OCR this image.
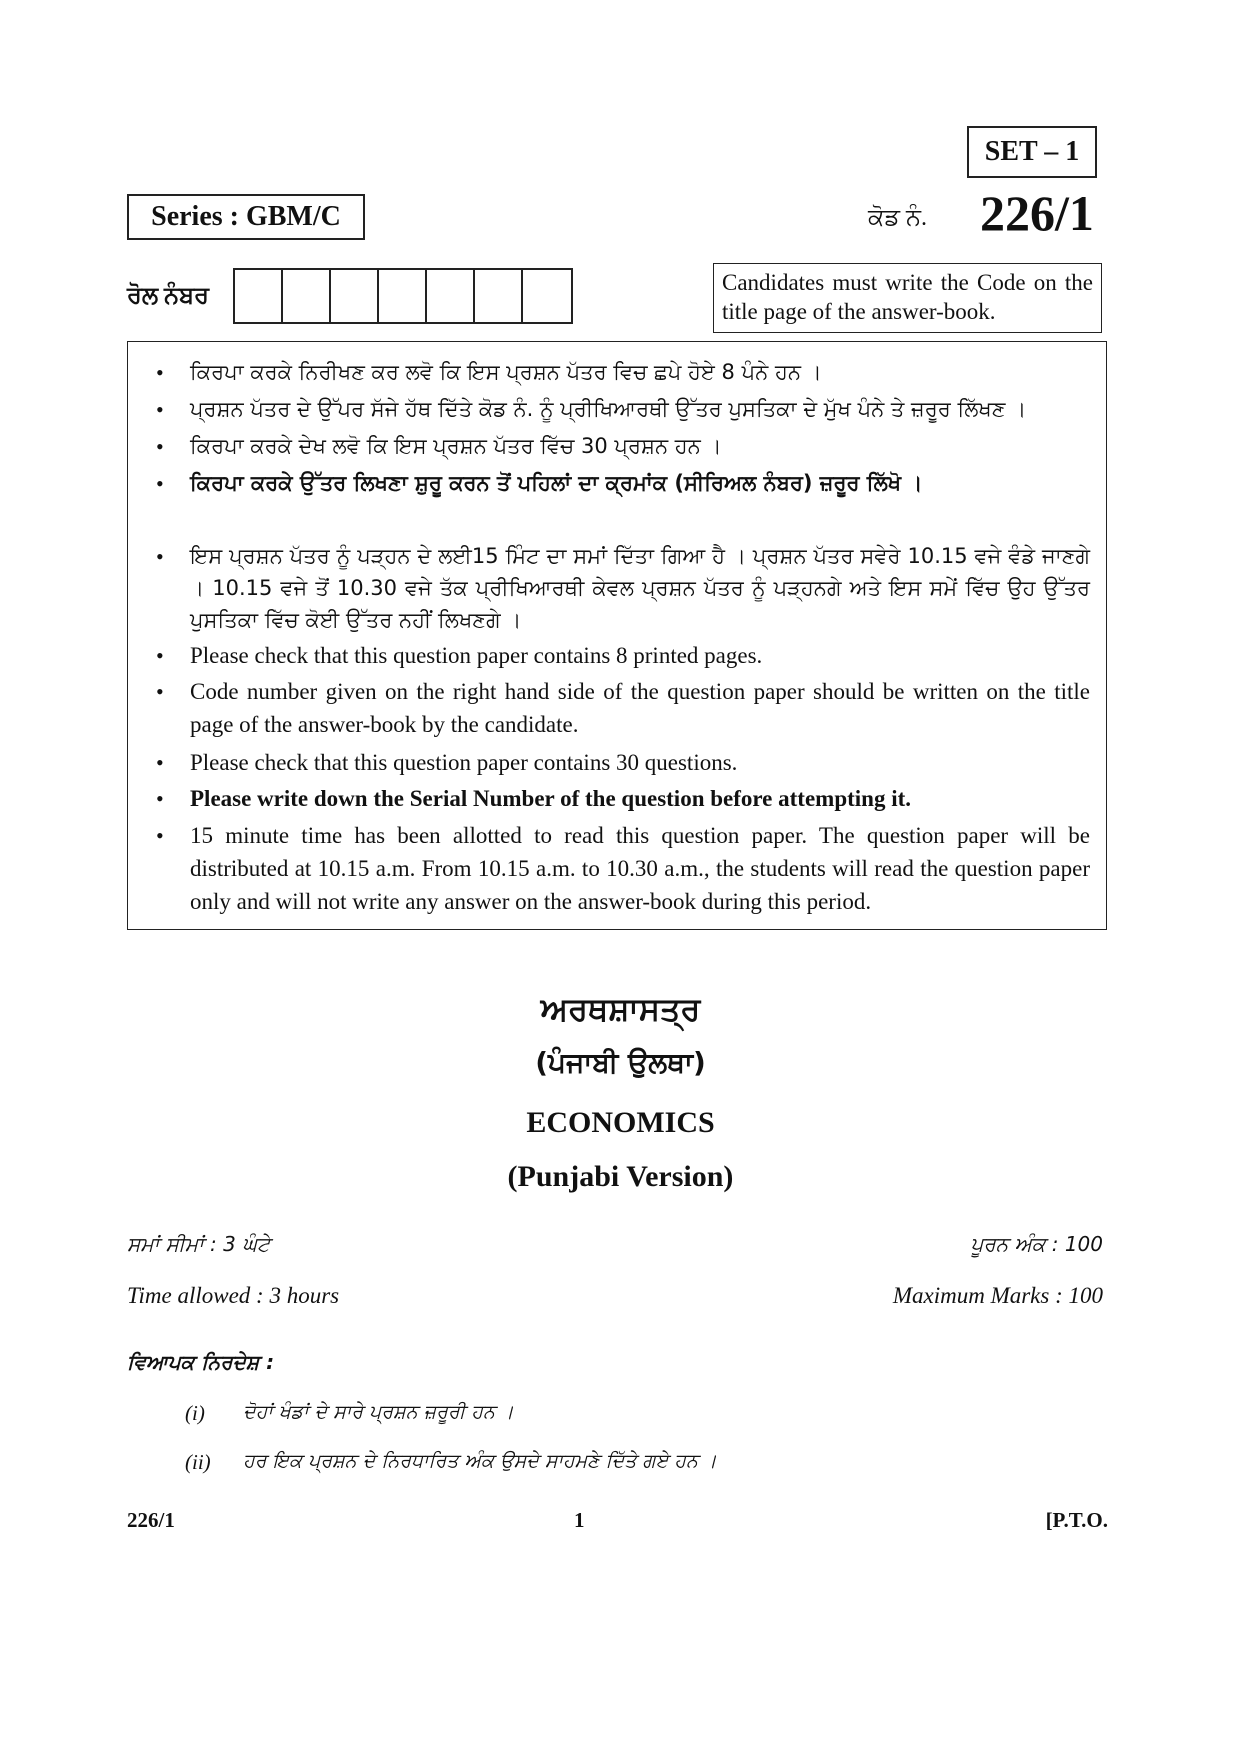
SET – 1
Series : GBM/C	ਕੋਡ ਨੰ. 226/1
ਰੋਲ ਨੰਬਰ
Candidates must write the Code on the title page of the answer-book.
• ਕਿਰਪਾ ਕਰਕੇ ਨਿਰੀਖਣ ਕਰ ਲਵੋ ਕਿ ਇਸ ਪ੍ਰਸ਼ਨ ਪੱਤਰ ਵਿਚ ਛਪੇ ਹੋਏ 8 ਪੰਨੇ ਹਨ ।
• ਪ੍ਰਸ਼ਨ ਪੱਤਰ ਦੇ ਉੱਪਰ ਸੱਜੇ ਹੱਥ ਦਿੱਤੇ ਕੋਡ ਨੰ. ਨੂੰ ਪ੍ਰੀਖਿਆਰਥੀ ਉੱਤਰ ਪੁਸਤਿਕਾ ਦੇ ਮੁੱਖ ਪੰਨੇ ਤੇ ਜ਼ਰੂਰ ਲਿੱਖਣ ।
• ਕਿਰਪਾ ਕਰਕੇ ਦੇਖ ਲਵੋ ਕਿ ਇਸ ਪ੍ਰਸ਼ਨ ਪੱਤਰ ਵਿੱਚ 30 ਪ੍ਰਸ਼ਨ ਹਨ ।
• ਕਿਰਪਾ ਕਰਕੇ ਉੱਤਰ ਲਿਖਣਾ ਸ਼ੁਰੂ ਕਰਨ ਤੋਂ ਪਹਿਲਾਂ ਦਾ ਕ੍ਰਮਾਂਕ (ਸੀਰਿਅਲ ਨੰਬਰ) ਜ਼ਰੂਰ ਲਿੱਖੋ ।
• ਇਸ ਪ੍ਰਸ਼ਨ ਪੱਤਰ ਨੂੰ ਪੜ੍ਹਨ ਦੇ ਲਈ15 ਮਿੰਟ ਦਾ ਸਮਾਂ ਦਿੱਤਾ ਗਿਆ ਹੈ । ਪ੍ਰਸ਼ਨ ਪੱਤਰ ਸਵੇਰੇ 10.15 ਵਜੇ ਵੰਡੇ ਜਾਣਗੇ । 10.15 ਵਜੇ ਤੋਂ 10.30 ਵਜੇ ਤੱਕ ਪ੍ਰੀਖਿਆਰਥੀ ਕੇਵਲ ਪ੍ਰਸ਼ਨ ਪੱਤਰ ਨੂੰ ਪੜ੍ਹਨਗੇ ਅਤੇ ਇਸ ਸਮੇਂ ਵਿੱਚ ਉਹ ਉੱਤਰ ਪੁਸਤਿਕਾ ਵਿੱਚ ਕੋਈ ਉੱਤਰ ਨਹੀਂ ਲਿਖਣਗੇ ।
• Please check that this question paper contains 8 printed pages.
• Code number given on the right hand side of the question paper should be written on the title page of the answer-book by the candidate.
• Please check that this question paper contains 30 questions.
• Please write down the Serial Number of the question before attempting it.
• 15 minute time has been allotted to read this question paper. The question paper will be distributed at 10.15 a.m. From 10.15 a.m. to 10.30 a.m., the students will read the question paper only and will not write any answer on the answer-book during this period.
ਅਰਥਸ਼ਾਸਤ੍ਰ
(ਪੰਜਾਬੀ ਉਲਥਾ)
ECONOMICS
(Punjabi Version)
ਸਮਾਂ ਸੀਮਾਂ : 3 ਘੰਟੇ	ਪੂਰਨ ਅੰਕ : 100
Time allowed : 3 hours	Maximum Marks : 100
ਵਿਆਪਕ ਨਿਰਦੇਸ਼ :
(i)	ਦੋਹਾਂ ਖੰਡਾਂ ਦੇ ਸਾਰੇ ਪ੍ਰਸ਼ਨ ਜ਼ਰੂਰੀ ਹਨ ।
(ii)	ਹਰ ਇਕ ਪ੍ਰਸ਼ਨ ਦੇ ਨਿਰਧਾਰਿਤ ਅੰਕ ਉਸਦੇ ਸਾਹਮਣੇ ਦਿੱਤੇ ਗਏ ਹਨ ।
226/1	1	[P.T.O.
